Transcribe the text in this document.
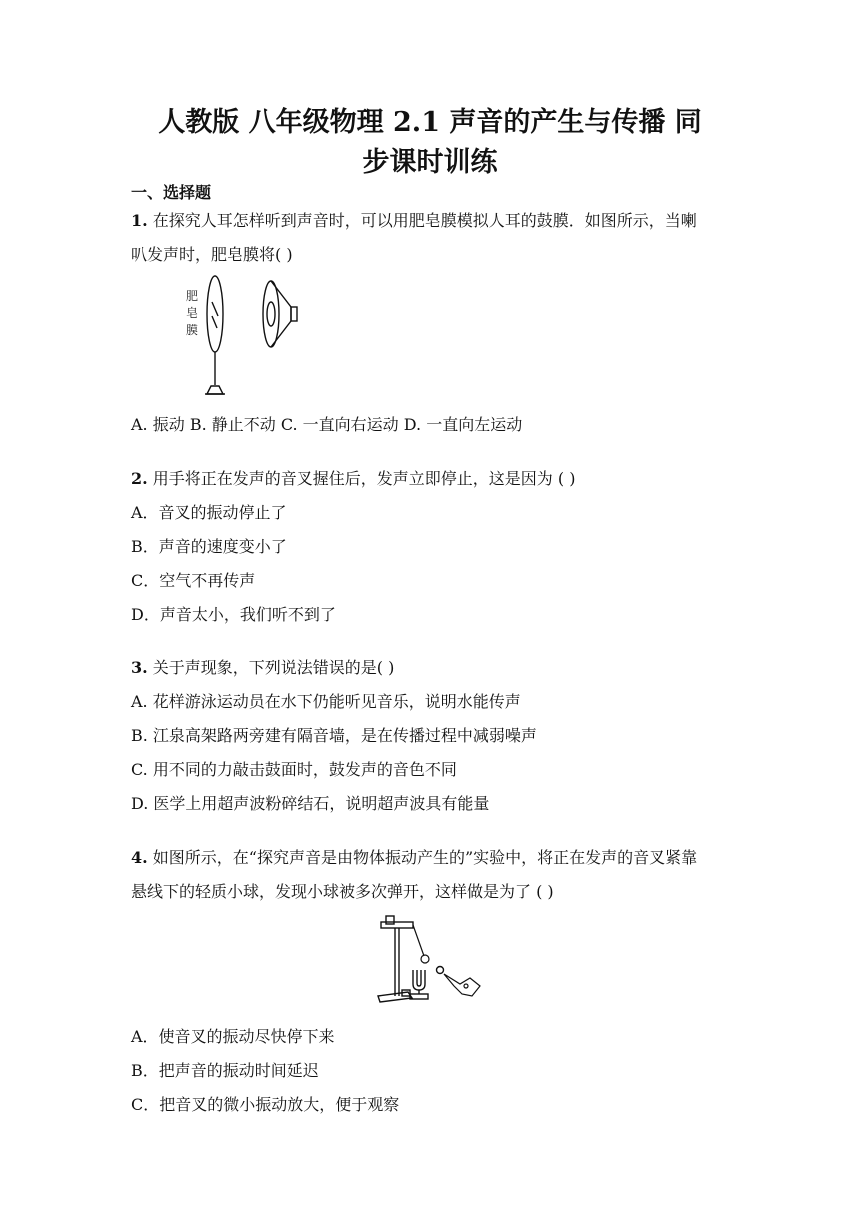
人教版 八年级物理 2.1 声音的产生与传播 同
步课时训练
一、选择题
1. 在探究人耳怎样听到声音时，可以用肥皂膜模拟人耳的鼓膜．如图所示，当喇
叭发声时，肥皂膜将( )
肥
皂
膜
A. 振动 B. 静止不动 C. 一直向右运动 D. 一直向左运动
2. 用手将正在发声的音叉握住后，发声立即停止，这是因为 ( )
A．音叉的振动停止了
B．声音的速度变小了
C．空气不再传声
D．声音太小，我们听不到了
3. 关于声现象，下列说法错误的是( )
A. 花样游泳运动员在水下仍能听见音乐，说明水能传声
B. 江泉高架路两旁建有隔音墙，是在传播过程中减弱噪声
C. 用不同的力敲击鼓面时，鼓发声的音色不同
D. 医学上用超声波粉碎结石，说明超声波具有能量
4. 如图所示，在“探究声音是由物体振动产生的”实验中，将正在发声的音叉紧靠
悬线下的轻质小球，发现小球被多次弹开，这样做是为了 ( )
A．使音叉的振动尽快停下来
B．把声音的振动时间延迟
C．把音叉的微小振动放大，便于观察
